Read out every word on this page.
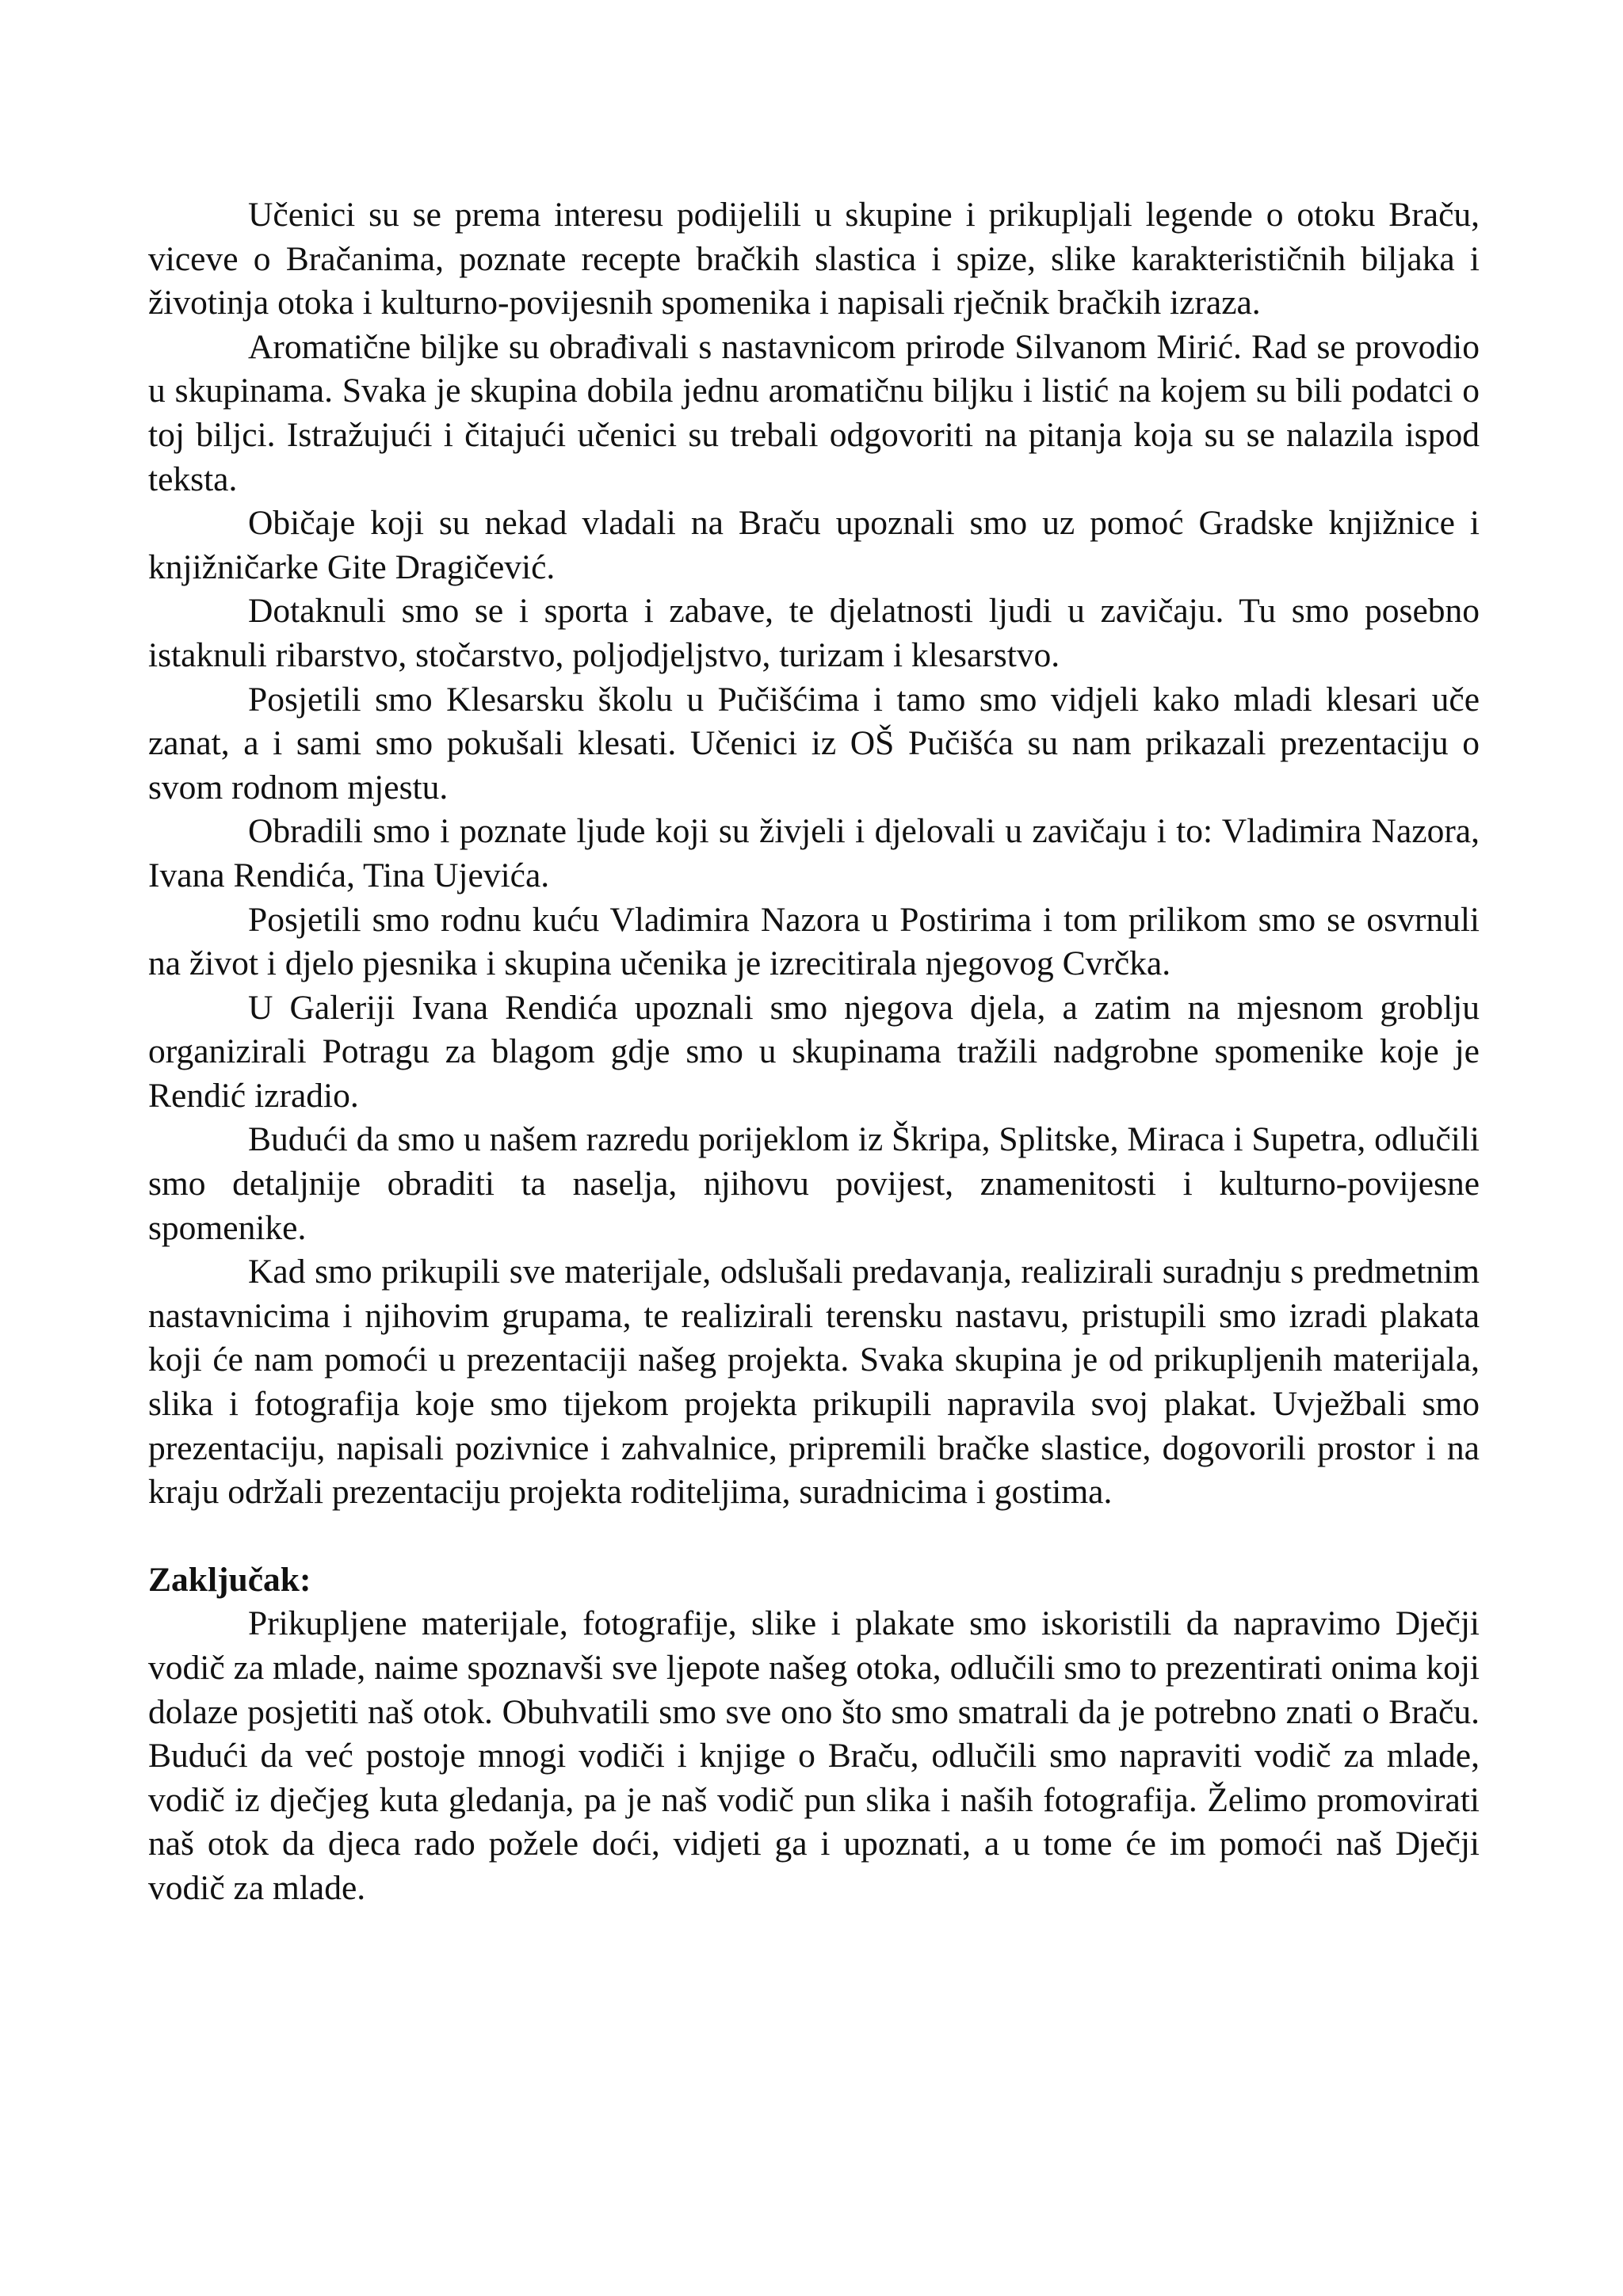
Učenici su se prema interesu podijelili u skupine i prikupljali legende o otoku Braču, viceve o Bračanima, poznate recepte bračkih slastica i spize, slike karakterističnih biljaka i životinja otoka i kulturno-povijesnih spomenika i napisali rječnik bračkih izraza.

Aromatične biljke su obrađivali s nastavnicom prirode Silvanom Mirić. Rad se provodio u skupinama. Svaka je skupina dobila jednu aromatičnu biljku i listić na kojem su bili podatci o toj biljci. Istražujući i čitajući učenici su trebali odgovoriti na pitanja koja su se nalazila ispod teksta.

Običaje koji su nekad vladali na Braču upoznali smo uz pomoć Gradske knjižnice i knjižničarke Gite Dragičević.

Dotaknuli smo se i sporta i zabave, te djelatnosti ljudi u zavičaju. Tu smo posebno istaknuli ribarstvo, stočarstvo, poljodjeljstvo, turizam i klesarstvo.

Posjetili smo Klesarsku školu u Pučišćima i tamo smo vidjeli kako mladi klesari uče zanat, a i sami smo pokušali klesati. Učenici iz OŠ Pučišća su nam prikazali prezentaciju o svom rodnom mjestu.

Obradili smo i poznate ljude koji su živjeli i djelovali u zavičaju i to: Vladimira Nazora, Ivana Rendića, Tina Ujevića.

Posjetili smo rodnu kuću Vladimira Nazora u Postirima i tom prilikom smo se osvrnuli na život i djelo pjesnika i skupina učenika je izrecitirala njegovog Cvrčka.

U Galeriji Ivana Rendića upoznali smo njegova djela, a zatim na mjesnom groblju organizirali Potragu za blagom gdje smo u skupinama tražili nadgrobne spomenike koje je Rendić izradio.

Budući da smo u našem razredu porijeklom iz Škripa, Splitske, Miraca i Supetra, odlučili smo detaljnije obraditi ta naselja, njihovu povijest, znamenitosti i kulturno-povijesne spomenike.

Kad smo prikupili sve materijale, odslušali predavanja, realizirali suradnju s predmetnim nastavnicima i njihovim grupama, te realizirali terensku nastavu, pristupili smo izradi plakata koji će nam pomoći u prezentaciji našeg projekta. Svaka skupina je od prikupljenih materijala, slika i fotografija koje smo tijekom projekta prikupili napravila svoj plakat. Uvježbali smo prezentaciju, napisali pozivnice i zahvalnice, pripremili bračke slastice, dogovorili prostor i na kraju održali prezentaciju projekta roditeljima, suradnicima i gostima.

Zaključak:

Prikupljene materijale, fotografije, slike i plakate smo iskoristili da napravimo Dječji vodič za mlade, naime spoznavši sve ljepote našeg otoka, odlučili smo to prezentirati onima koji dolaze posjetiti naš otok. Obuhvatili smo sve ono što smo smatrali da je potrebno znati o Braču. Budući da već postoje mnogi vodiči i knjige o Braču, odlučili smo napraviti vodič za mlade, vodič iz dječjeg kuta gledanja, pa je naš vodič pun slika i naših fotografija. Želimo promovirati naš otok da djeca rado požele doći, vidjeti ga i upoznati, a u tome će im pomoći naš Dječji vodič za mlade.
